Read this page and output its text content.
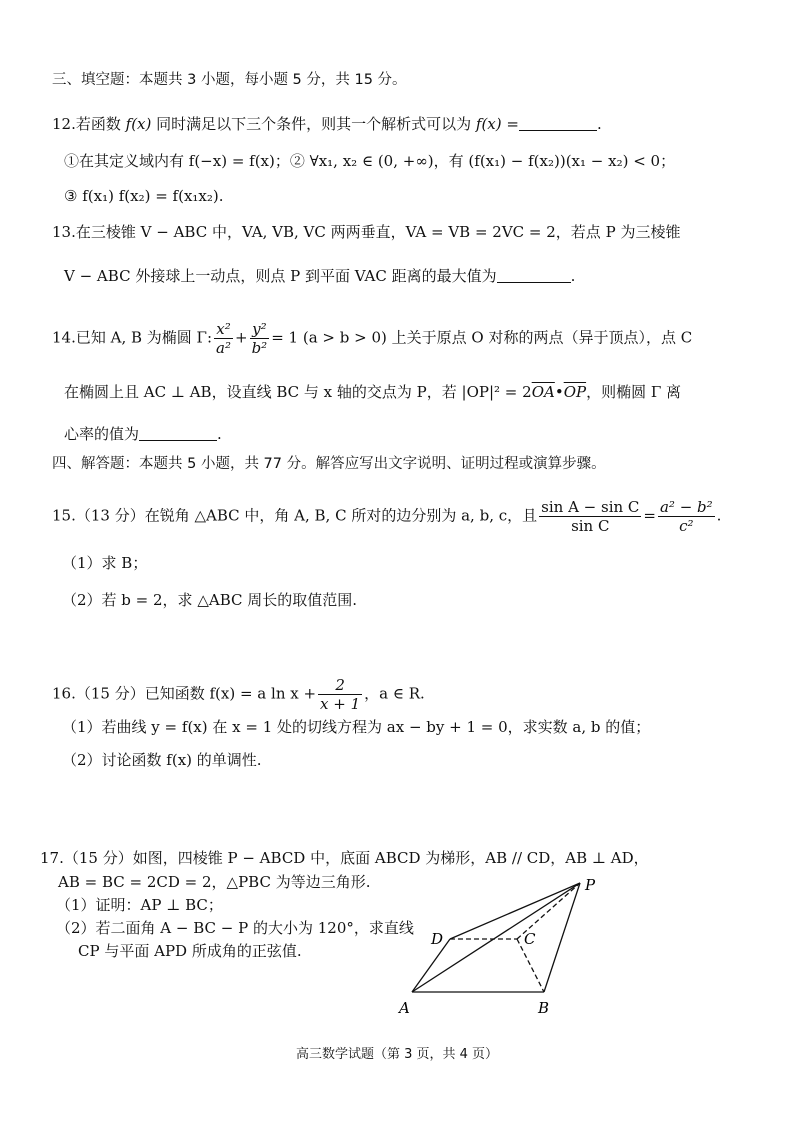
三、填空题：本题共 3 小题，每小题 5 分，共 15 分。
12.若函数 f(x) 同时满足以下三个条件，则其一个解析式可以为 f(x) =	.
①在其定义域内有 f(−x) = f(x)；② ∀x₁, x₂ ∈ (0, +∞)，有 (f(x₁) − f(x₂))(x₁ − x₂) < 0；
③ f(x₁) f(x₂) = f(x₁x₂).
13.在三棱锥 V − ABC 中，VA, VB, VC 两两垂直，VA = VB = 2VC = 2，若点 P 为三棱锥
V − ABC 外接球上一动点，则点 P 到平面 VAC 距离的最大值为	.
14.已知 A, B 为椭圆 Γ: $\frac{\text{x²}}{\text{a²}} + \frac{\text{y²}}{\text{b²}} = 1$ (a > b > 0) 上关于原点 O 对称的两点（异于顶点），点 C
在椭圆上且 AC ⊥ AB，设直线 BC 与 x 轴的交点为 P，若 $|OP|^2 = 2\overline{OA}•\overline{OP}$，则椭圆 Γ 离
心率的值为	.
四、解答题：本题共 5 小题，共 77 分。解答应写出文字说明、证明过程或演算步骤。
15.（13 分）在锐角 △ABC 中，角 A, B, C 所对的边分别为 a, b, c，且 $\frac{\text{sin A − sin C}}{\text{sin C}} = \frac{\text{a² − b²}}{\text{c²}}$ .
（1）求 B；
（2）若 b = 2，求 △ABC 周长的取值范围.
16.（15 分）已知函数 f(x) = a $\ln x + \frac{2}{x + 1}$ ，a ∈ R.
（1）若曲线 y = f(x) 在 x = 1 处的切线方程为 ax − by + 1 = 0，求实数 a, b 的值；
（2）讨论函数 f(x) 的单调性.
17.（15 分）如图，四棱锥 P − ABCD 中，底面 ABCD 为梯形，AB // CD，AB ⊥ AD，
AB = BC = 2CD = 2，△PBC 为等边三角形.
（1）证明：AP ⊥ BC；
（2）若二面角 A − BC − P 的大小为 120°，求直线
CP 与平面 APD 所成角的正弦值.
P
D	C
A	B
高三数学试题（第 3 页，共 4 页）
